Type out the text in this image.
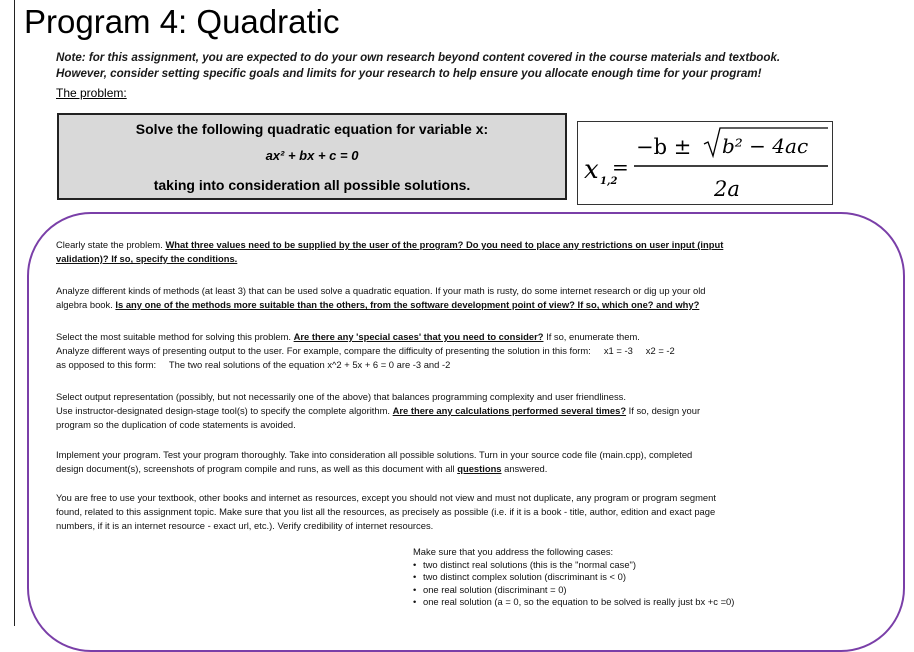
Program 4: Quadratic
Note: for this assignment, you are expected to do your own research beyond content covered in the course materials and textbook.
However, consider setting specific goals and limits for your research to help ensure you allocate enough time for your program!
The problem:
Solve the following quadratic equation for variable x:
ax² + bx + c = 0
taking into consideration all possible solutions.	x 1,2
=
−b ± b² − 4ac
2a
Clearly state the problem. What three values need to be supplied by the user of the program? Do you need to place any restrictions on user input (input
validation)? If so, specify the conditions.
Analyze different kinds of methods (at least 3) that can be used solve a quadratic equation. If your math is rusty, do some internet research or dig up your old
algebra book. Is any one of the methods more suitable than the others, from the software development point of view? If so, which one? and why?
Select the most suitable method for solving this problem. Are there any 'special cases' that you need to consider? If so, enumerate them.
Analyze different ways of presenting output to the user. For example, compare the difficulty of presenting the solution in this form:     x1 = -3     x2 = -2
as opposed to this form:     The two real solutions of the equation x^2 + 5x + 6 = 0 are -3 and -2
Select output representation (possibly, but not necessarily one of the above) that balances programming complexity and user friendliness.
Use instructor-designated design-stage tool(s) to specify the complete algorithm. Are there any calculations performed several times? If so, design your
program so the duplication of code statements is avoided.
Implement your program. Test your program thoroughly. Take into consideration all possible solutions. Turn in your source code file (main.cpp), completed
design document(s), screenshots of program compile and runs, as well as this document with all questions answered.
You are free to use your textbook, other books and internet as resources, except you should not view and must not duplicate, any program or program segment
found, related to this assignment topic. Make sure that you list all the resources, as precisely as possible (i.e. if it is a book - title, author, edition and exact page
numbers, if it is an internet resource - exact url, etc.). Verify credibility of internet resources.
Make sure that you address the following cases:
• two distinct real solutions (this is the "normal case")
• two distinct complex solution (discriminant is < 0)
• one real solution (discriminant = 0)
• one real solution (a = 0, so the equation to be solved is really just bx +c =0)
